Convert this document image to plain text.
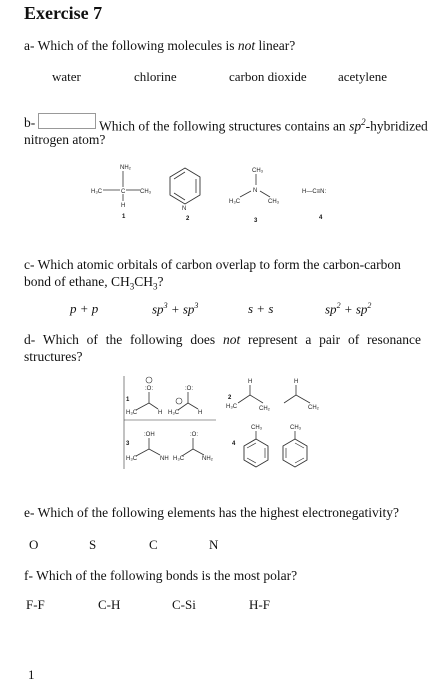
Exercise 7
a- Which of the following molecules is not linear?
water	chlorine	carbon dioxide acetylene
b-	Which of the following structures contains an $sp^2$-hybridized
nitrogen atom?
NH₂
H₃C	C CH₃
H
1
N
2
CH₃
N
H₃C	CH₃
3
H—C≡N:
4
c- Which atomic orbitals of carbon overlap to form the carbon-carbon
bond of ethane, $CH_3CH_3$?
p + p	$sp^3 + sp^3$	s + s	$sp^2 + sp^2$
d- Which of the following does not represent a pair of resonance
structures?
1
:O:
H₃C	H
:O:
H₃C	H
2
H
H₃C	CH₂
H
CH₂
3
:OH
H₃C	NH
:O:
H₃C	NH₂
4
CH₃	CH₃
e- Which of the following elements has the highest electronegativity?
O	S	C	N
f- Which of the following bonds is the most polar?
F-F	C-H	C-Si	H-F
1
